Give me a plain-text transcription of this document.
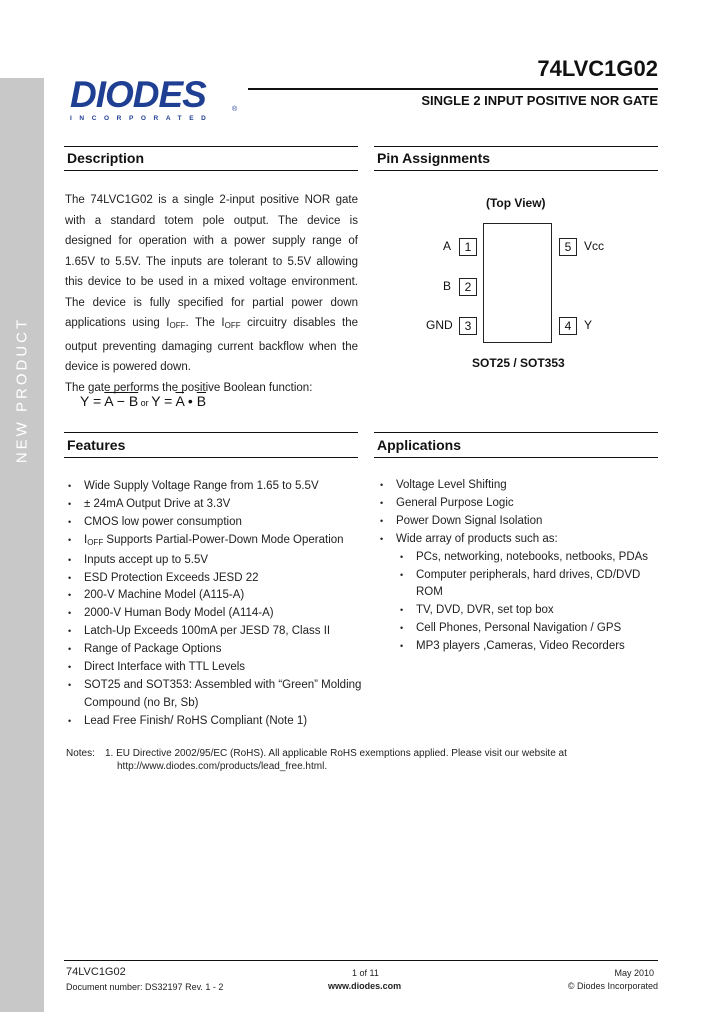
NEW PRODUCT
DIODES
INCORPORATED
®
74LVC1G02
SINGLE 2 INPUT POSITIVE NOR GATE
Description

The 74LVC1G02 is a single 2-input positive NOR gate with a standard totem pole output. The device is designed for operation with a power supply range of 1.65V to 5.5V. The inputs are tolerant to 5.5V allowing this device to be used in a mixed voltage environment. The device is fully specified for partial power down applications using $I_{OFF}$. The $I_{OFF}$ circuitry disables the output preventing damaging current backflow when the device is powered down.

The gate performs the positive Boolean function:

$Y = \overline{A} - \overline{B}$ or $Y = \overline{A}$ • $\overline{B}$
Pin Assignments
(Top View)
A	1
B	2
GND 3
5	Vcc
4	Y
SOT25 / SOT353
Features
• Wide Supply Voltage Range from 1.65 to 5.5V
• ± 24mA Output Drive at 3.3V
• CMOS low power consumption
• $I_{OFF}$ Supports Partial-Power-Down Mode Operation
• Inputs accept up to 5.5V
• ESD Protection Exceeds JESD 22
• 200-V Machine Model (A115-A)
• 2000-V Human Body Model (A114-A)
• Latch-Up Exceeds 100mA per JESD 78, Class II
• Range of Package Options
• Direct Interface with TTL Levels
• SOT25 and SOT353: Assembled with “Green” Molding Compound (no Br, Sb)
• Lead Free Finish/ RoHS Compliant (Note 1)
Applications
• Voltage Level Shifting
• General Purpose Logic
• Power Down Signal Isolation
• Wide array of products such as:
• PCs, networking, notebooks, netbooks, PDAs
• Computer peripherals, hard drives, CD/DVD ROM
• TV, DVD, DVR, set top box
• Cell Phones, Personal Navigation / GPS
• MP3 players ,Cameras, Video Recorders
Notes: 1. EU Directive 2002/95/EC (RoHS). All applicable RoHS exemptions applied. Please visit our website at
http://www.diodes.com/products/lead_free.html.
74LVC1G02
Document number: DS32197 Rev. 1 - 2
1 of 11
www.diodes.com
May 2010
© Diodes Incorporated
